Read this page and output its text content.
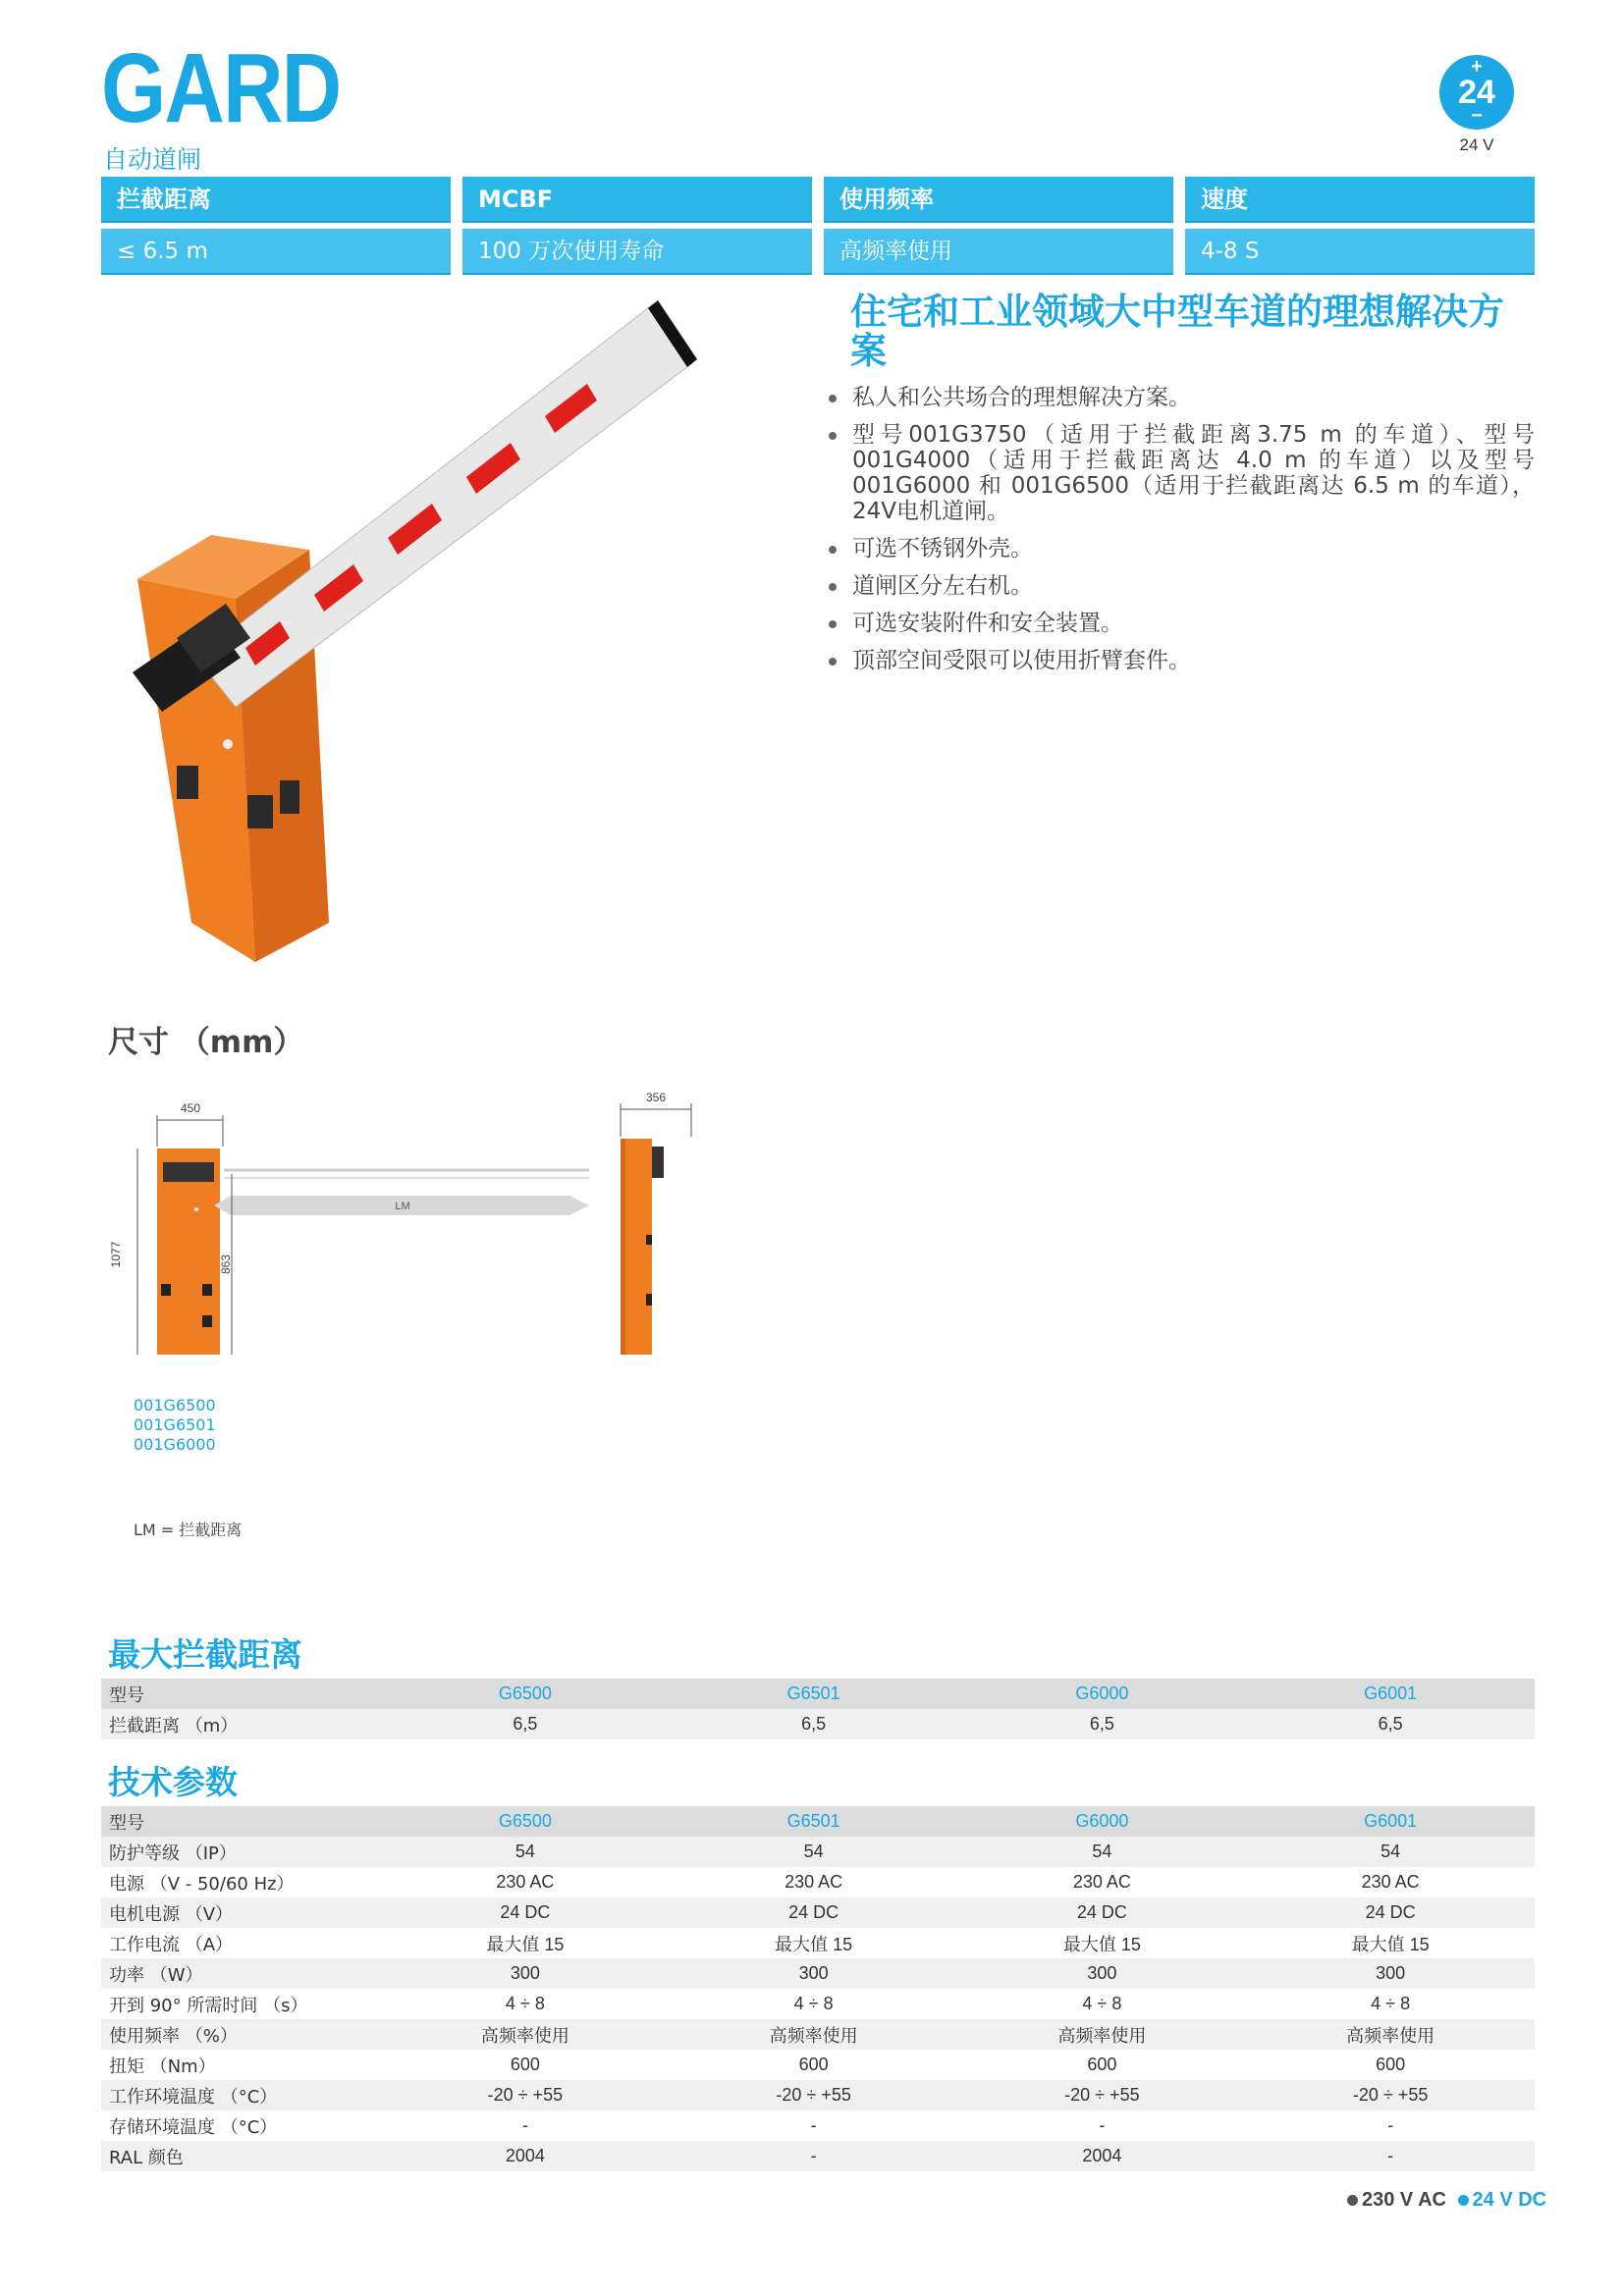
GARD
自动道闸
+
24
−
24 V
拦截距离	MCBF	使用频率	速度
≤ 6.5 m	100 万次使用寿命	高频率使用	4-8 S
住宅和工业领域大中型车道的理想解决方案
私人和公共场合的理想解决方案。
型号001G3750（适用于拦截距离3.75 m 的车道）、型号001G4000（适用于拦截距离达 4.0 m 的车道）以及型号001G6000 和 001G6500（适用于拦截距离达 6.5 m 的车道），24V电机道闸。
可选不锈钢外壳。
道闸区分左右机。
可选安装附件和安全装置。
顶部空间受限可以使用折臂套件。
尺寸 （mm）
LM
450
1077	863
356
001G6500
001G6501
001G6000
LM = 拦截距离
最大拦截距离
型号	G6500	G6501	G6000	G6001
拦截距离 （m）	6,5	6,5	6,5	6,5
技术参数
型号	G6500	G6501	G6000	G6001
防护等级 （IP）	54	54	54	54
电源 （V - 50/60 Hz）	230 AC	230 AC	230 AC	230 AC
电机电源 （V）	24 DC	24 DC	24 DC	24 DC
工作电流 （A）	最大值 15	最大值 15	最大值 15	最大值 15
功率 （W）	300	300	300	300
开到 90° 所需时间 （s）	4 ÷ 8	4 ÷ 8	4 ÷ 8	4 ÷ 8
使用频率 （%）	高频率使用	高频率使用	高频率使用	高频率使用
扭矩 （Nm）	600	600	600	600
工作环境温度 （°C）	-20 ÷ +55	-20 ÷ +55	-20 ÷ +55	-20 ÷ +55
存储环境温度 （°C）	-	-	-	-
RAL 颜色	2004	-	2004	-
230 V AC 24 V DC
